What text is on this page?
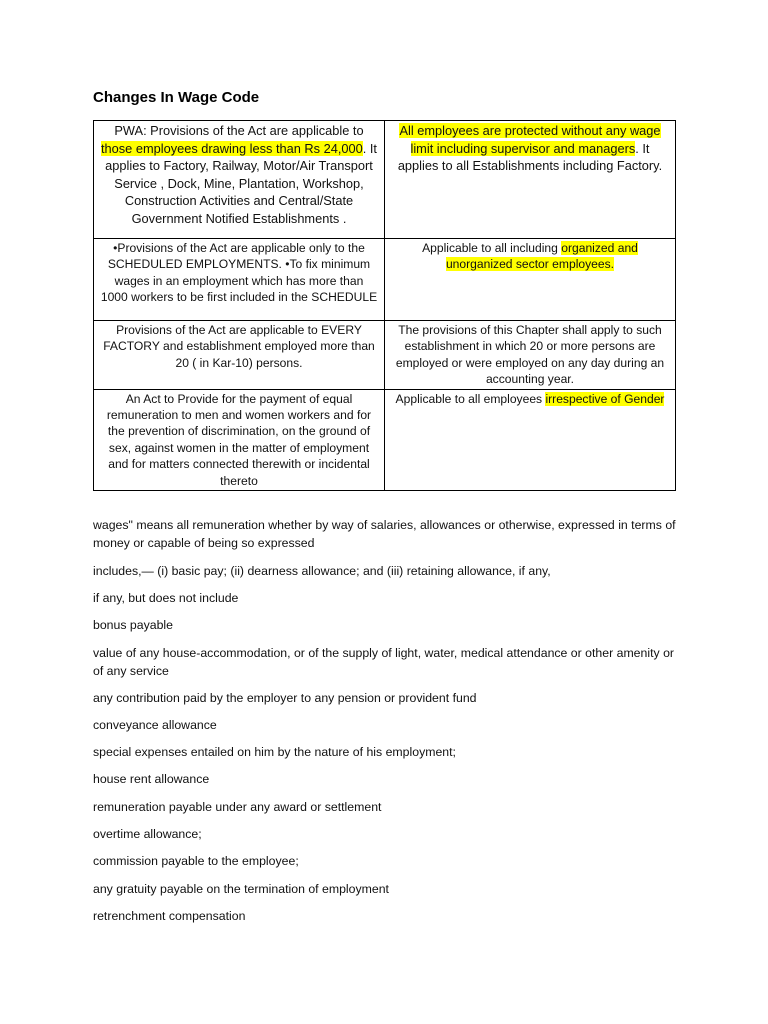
Changes In Wage Code
PWA: Provisions of the Act are applicable to those employees drawing less than Rs 24,000. It applies to Factory, Railway, Motor/Air Transport Service , Dock, Mine, Plantation, Workshop, Construction Activities and Central/State Government Notified Establishments .	All employees are protected without any wage limit including supervisor and managers. It applies to all Establishments including Factory.
•Provisions of the Act are applicable only to the SCHEDULED EMPLOYMENTS. •To fix minimum wages in an employment which has more than 1000 workers to be first included in the SCHEDULE	Applicable to all including organized and unorganized sector employees.
Provisions of the Act are applicable to EVERY FACTORY and establishment employed more than 20 ( in Kar-10) persons.	The provisions of this Chapter shall apply to such establishment in which 20 or more persons are employed or were employed on any day during an accounting year.
An Act to Provide for the payment of equal remuneration to men and women workers and for the prevention of discrimination, on the ground of sex, against women in the matter of employment and for matters connected therewith or incidental thereto	Applicable to all employees irrespective of Gender

wages" means all remuneration whether by way of salaries, allowances or otherwise, expressed in terms of money or capable of being so expressed

includes,— (i) basic pay; (ii) dearness allowance; and (iii) retaining allowance, if any,

if any, but does not include

bonus payable

value of any house-accommodation, or of the supply of light, water, medical attendance or other amenity or of any service

any contribution paid by the employer to any pension or provident fund

conveyance allowance

special expenses entailed on him by the nature of his employment;

house rent allowance

remuneration payable under any award or settlement

overtime allowance;

commission payable to the employee;

any gratuity payable on the termination of employment

retrenchment compensation
